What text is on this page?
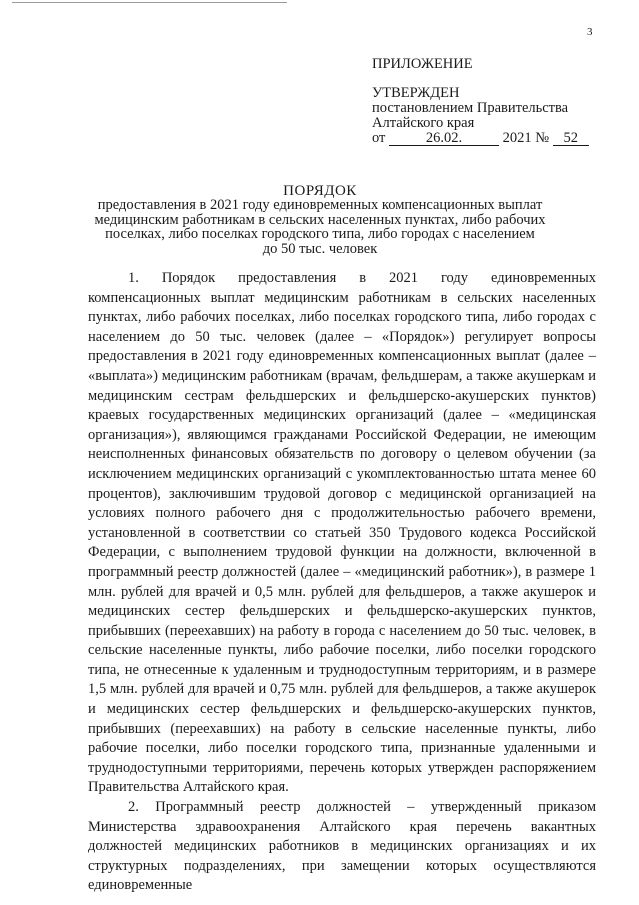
3
ПРИЛОЖЕНИЕ
УТВЕРЖДЕН
постановлением Правительства
Алтайского края
от	26.02.	2021 № 52
ПОРЯДОК
предоставления в 2021 году единовременных компенсационных выплат
медицинским работникам в сельских населенных пунктах, либо рабочих
поселках, либо поселках городского типа, либо городах с населением
до 50 тыс. человек

1. Порядок предоставления в 2021 году единовременных компенсационных выплат медицинским работникам в сельских населенных пунктах, либо рабочих поселках, либо поселках городского типа, либо городах с населением до 50 тыс. человек (далее – «Порядок») регулирует вопросы предоставления в 2021 году единовременных компенсационных выплат (далее – «выплата») медицинским работникам (врачам, фельдшерам, а также акушеркам и медицинским сестрам фельдшерских и фельдшерско-акушерских пунктов) краевых государственных медицинских организаций (далее – «медицинская организация»), являющимся гражданами Российской Федерации, не имеющим неисполненных финансовых обязательств по договору о целевом обучении (за исключением медицинских организаций с укомплектованностью штата менее 60 процентов), заключившим трудовой договор с медицинской организацией на условиях полного рабочего дня с продолжительностью рабочего времени, установленной в соответствии со статьей 350 Трудового кодекса Российской Федерации, с выполнением трудовой функции на должности, включенной в программный реестр должностей (далее – «медицинский работник»), в размере 1 млн. рублей для врачей и 0,5 млн. рублей для фельдшеров, а также акушерок и медицинских сестер фельдшерских и фельдшерско-акушерских пунктов, прибывших (переехавших) на работу в города с населением до 50 тыс. человек, в сельские населенные пункты, либо рабочие поселки, либо поселки городского типа, не отнесенные к удаленным и труднодоступным территориям, и в размере 1,5 млн. рублей для врачей и 0,75 млн. рублей для фельдшеров, а также акушерок и медицинских сестер фельдшерских и фельдшерско-акушерских пунктов, прибывших (переехавших) на работу в сельские населенные пункты, либо рабочие поселки, либо поселки городского типа, признанные удаленными и труднодоступными территориями, перечень которых утвержден распоряжением Правительства Алтайского края.

2. Программный реестр должностей – утвержденный приказом Министерства здравоохранения Алтайского края перечень вакантных должностей медицинских работников в медицинских организациях и их структурных подразделениях, при замещении которых осуществляются единовременные
